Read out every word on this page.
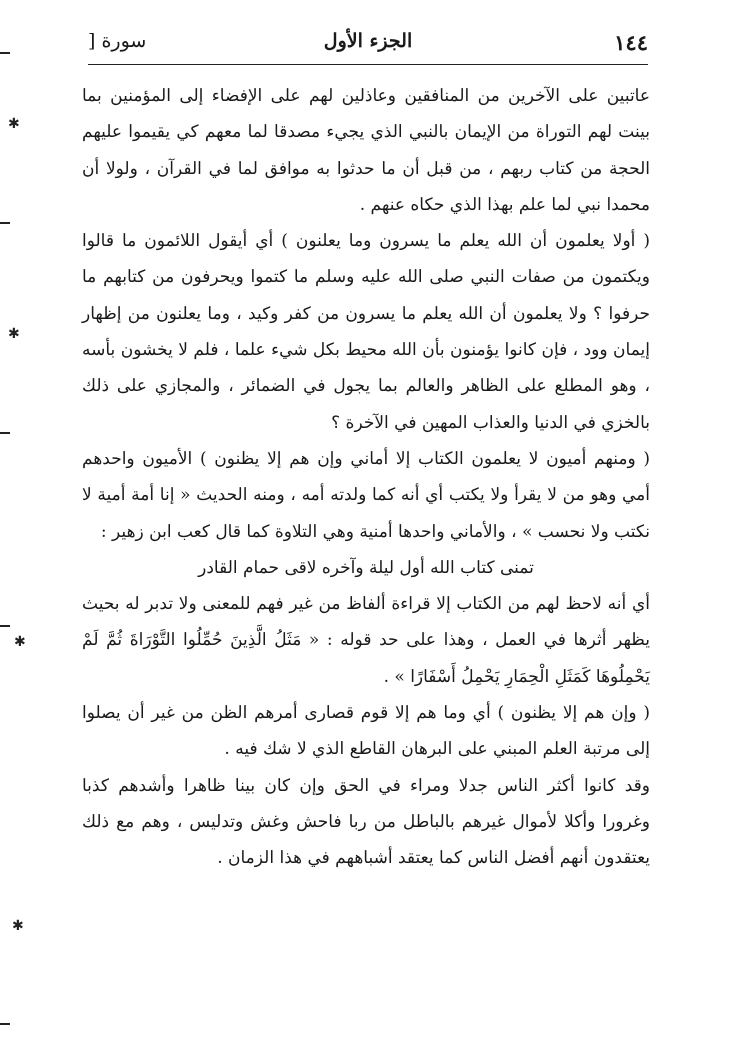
١٤٤
الجزء الأول
سورة [

عاتبين على الآخرين من المنافقين وعاذلين لهم على الإفضاء إلى المؤمنين بما بينت لهم التوراة من الإيمان بالنبي الذي يجيء مصدقا لما معهم كي يقيموا عليهم الحجة من كتاب ربهم ، من قبل أن ما حدثوا به موافق لما في القرآن ، ولولا أن محمدا نبي لما علم بهذا الذي حكاه عنهم .

( أولا يعلمون أن الله يعلم ما يسرون وما يعلنون ) أي أيقول اللائمون ما قالوا ويكتمون من صفات النبي صلى الله عليه وسلم ما كتموا ويحرفون من كتابهم ما حرفوا ؟ ولا يعلمون أن الله يعلم ما يسرون من كفر وكيد ، وما يعلنون من إظهار إيمان وود ، فإن كانوا يؤمنون بأن الله محيط بكل شيء علما ، فلم لا يخشون بأسه ، وهو المطلع على الظاهر والعالم بما يجول في الضمائر ، والمجازي على ذلك بالخزي في الدنيا والعذاب المهين في الآخرة ؟

( ومنهم أميون لا يعلمون الكتاب إلا أماني وإن هم إلا يظنون ) الأميون واحدهم أمي وهو من لا يقرأ ولا يكتب أي أنه كما ولدته أمه ، ومنه الحديث « إنا أمة أمية لا نكتب ولا نحسب » ، والأماني واحدها أمنية وهي التلاوة كما قال كعب ابن زهير :

تمنى كتاب الله أول ليلة وآخره لاقى حمام القادر

أي أنه لاحظ لهم من الكتاب إلا قراءة ألفاظ من غير فهم للمعنى ولا تدبر له بحيث يظهر أثرها في العمل ، وهذا على حد قوله : « مَثَلُ الَّذِينَ حُمِّلُوا التَّوْرَاةَ ثُمَّ لَمْ يَحْمِلُوهَا كَمَثَلِ الْحِمَارِ يَحْمِلُ أَسْفَارًا » .

( وإن هم إلا يظنون ) أي وما هم إلا قوم قصارى أمرهم الظن من غير أن يصلوا إلى مرتبة العلم المبني على البرهان القاطع الذي لا شك فيه .

وقد كانوا أكثر الناس جدلا ومراء في الحق وإن كان بينا ظاهرا وأشدهم كذبا وغرورا وأكلا لأموال غيرهم بالباطل من ربا فاحش وغش وتدليس ، وهم مع ذلك يعتقدون أنهم أفضل الناس كما يعتقد أشباههم في هذا الزمان .

✱
✱
✱
✱
